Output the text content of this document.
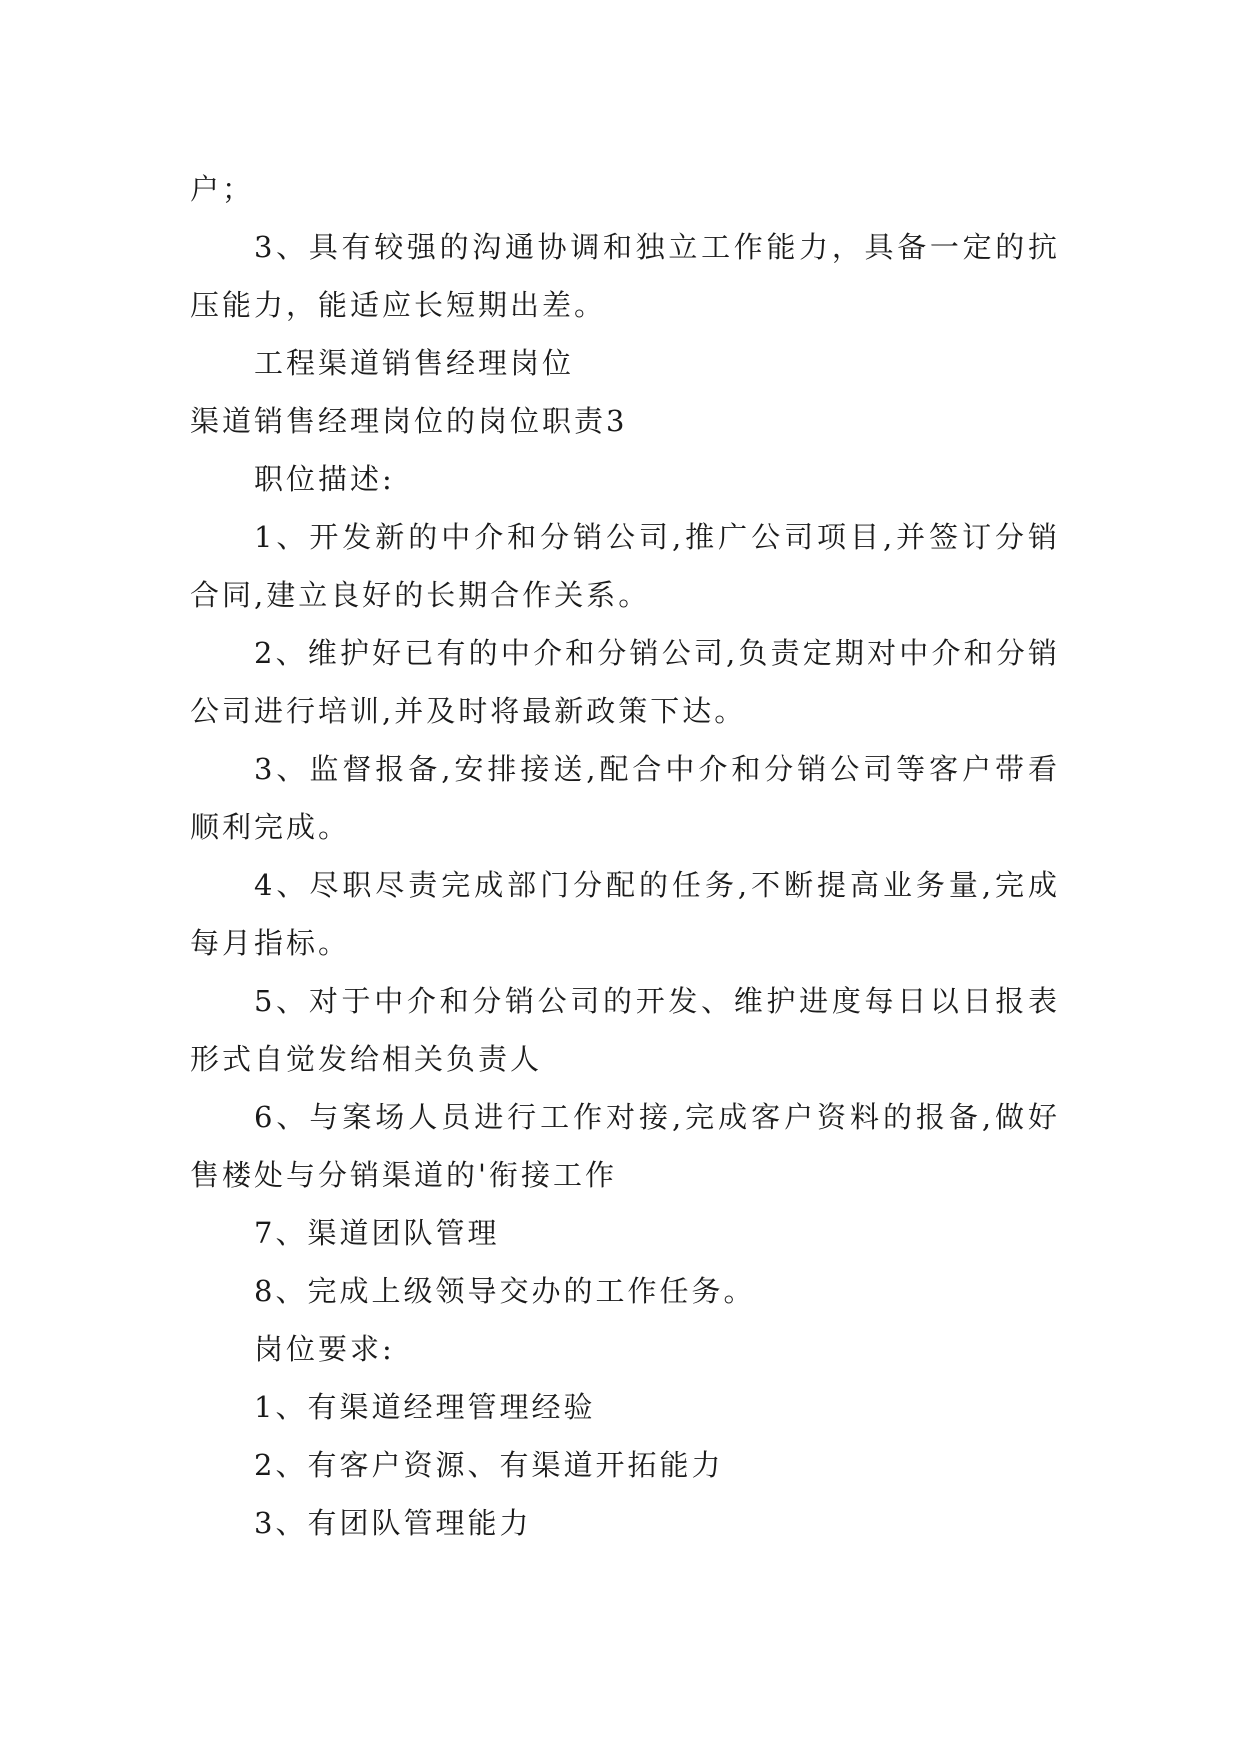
户；

3、具有较强的沟通协调和独立工作能力，具备一定的抗压能力，能适应长短期出差。

工程渠道销售经理岗位

渠道销售经理岗位的岗位职责3

职位描述:

1、开发新的中介和分销公司,推广公司项目,并签订分销合同,建立良好的长期合作关系。

2、维护好已有的中介和分销公司,负责定期对中介和分销公司进行培训,并及时将最新政策下达。

3、监督报备,安排接送,配合中介和分销公司等客户带看顺利完成。

4、尽职尽责完成部门分配的任务,不断提高业务量,完成每月指标。

5、对于中介和分销公司的开发、维护进度每日以日报表形式自觉发给相关负责人

6、与案场人员进行工作对接,完成客户资料的报备,做好售楼处与分销渠道的'衔接工作

7、渠道团队管理

8、完成上级领导交办的工作任务。

岗位要求:

1、有渠道经理管理经验

2、有客户资源、有渠道开拓能力

3、有团队管理能力
